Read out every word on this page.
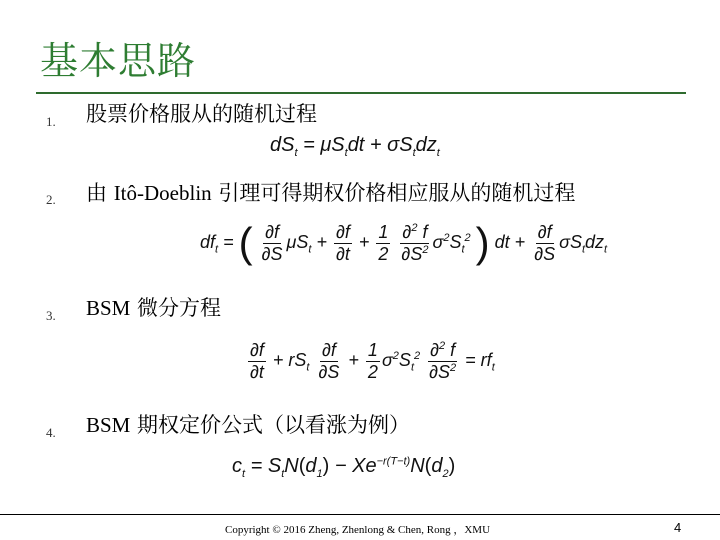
基本思路
1. 股票价格服从的随机过程
$dS_t = \mu S_tdt + \sigma S_tdz_t$
2. 由 Itô-Doeblin 引理可得期权价格相应服从的随机过程
$df_t$ = ( $\frac{\partial f}{\partial S} \mu S_t + \frac{\partial f}{\partial t} + \frac{1}{2}$
$\frac{\partial^2 f}{\partial S^2} \sigma^2S_t^2$ ) dt + $\frac{\partial f}{\partial S} \sigma S_tdz_t$
3. BSM 微分方程
$\frac{\partial f}{\partial t} + rS_t \frac{\partial f}{\partial S} + \frac{1}{2} \sigma^2S_t^2 \frac{\partial^2 f}{\partial S^2} = rf_t$
4. BSM 期权定价公式（以看涨为例）
$c_t = S_tN(d_1) - Xe^{-r(T-t)}N(d_2)$
Copyright © 2016 Zheng, Zhenlong & Chen, Rong ，XMU	4
